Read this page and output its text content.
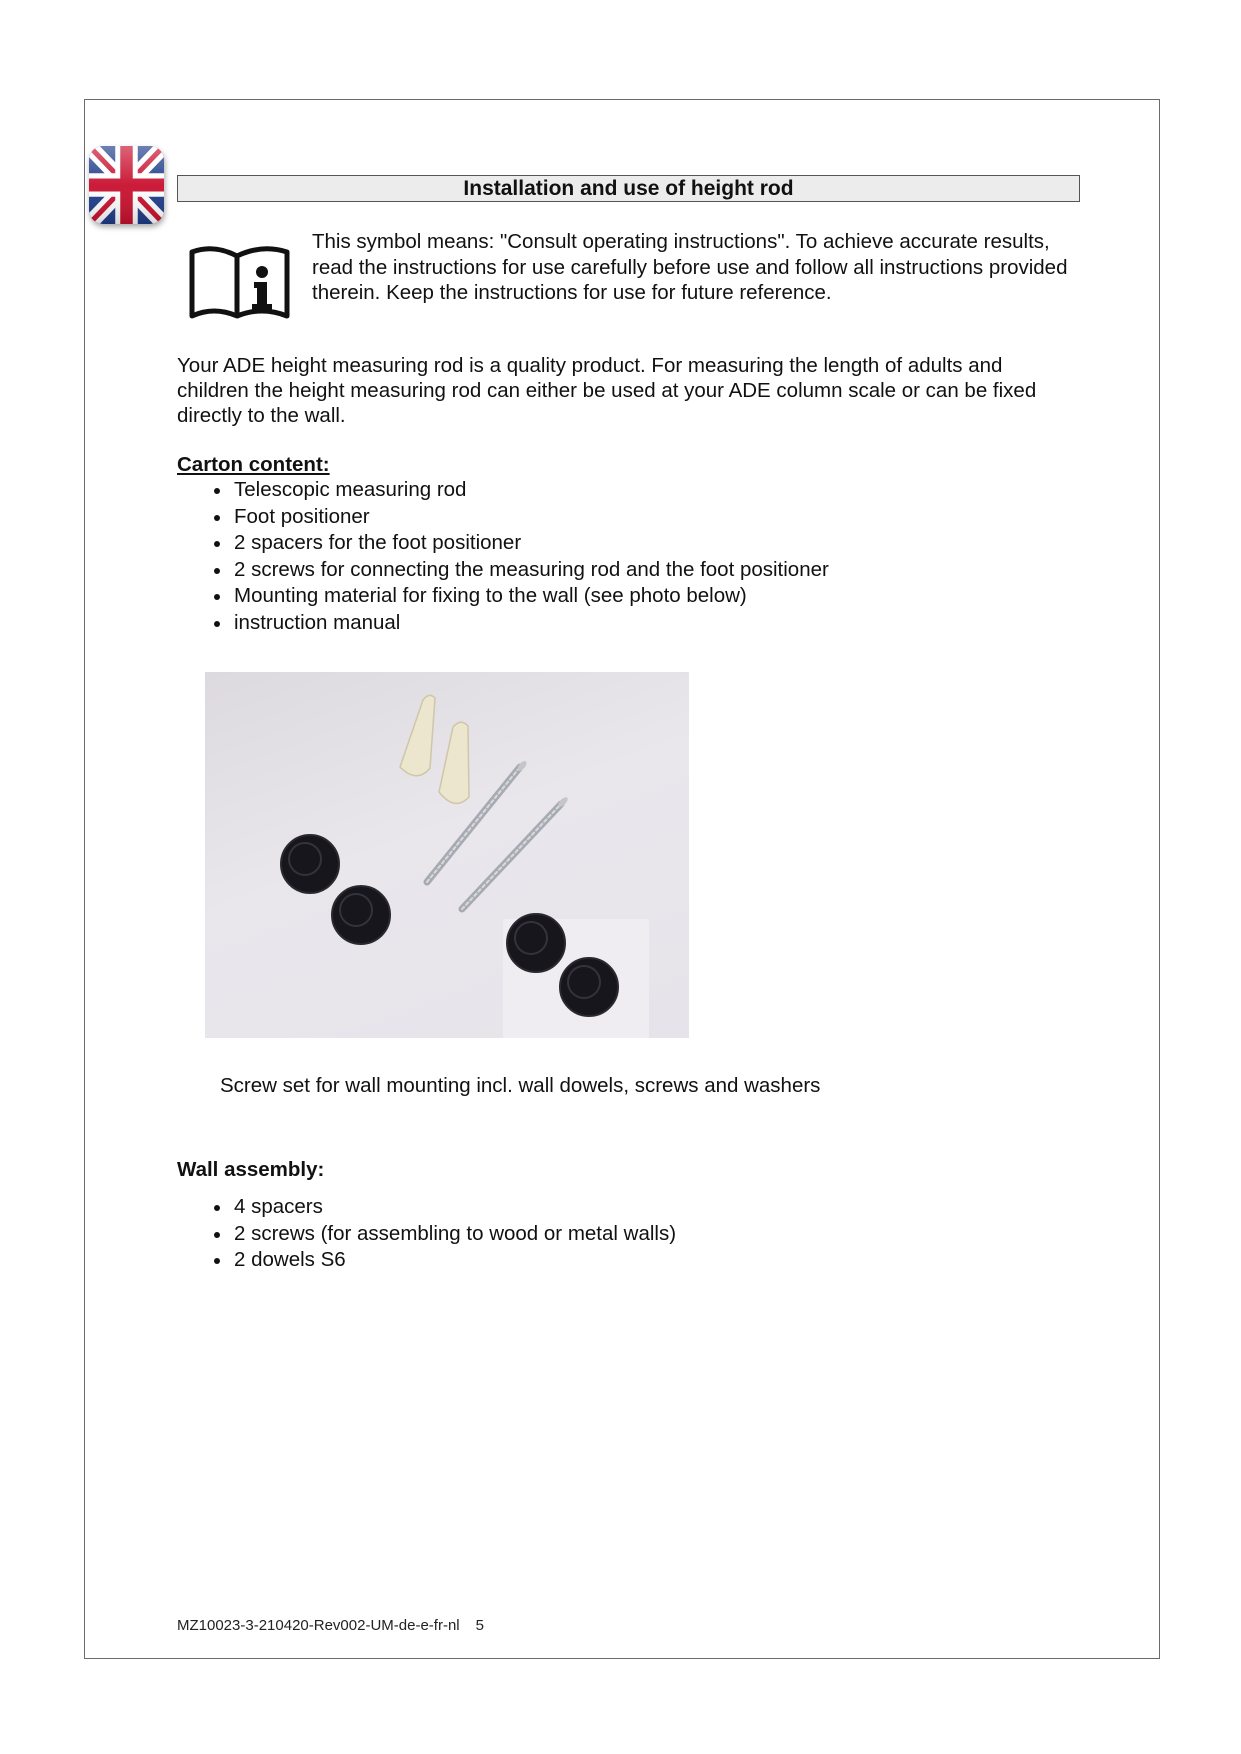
Installation and use of height rod
This symbol means: "Consult operating instructions". To achieve accurate results, read the instructions for use carefully before use and follow all instructions provided therein. Keep the instructions for use for future reference.
Your ADE height measuring rod is a quality product. For measuring the length of adults and children the height measuring rod can either be used at your ADE column scale or can be fixed directly to the wall.
Carton content:
Telescopic measuring rod
Foot positioner
2 spacers for the foot positioner
2 screws for connecting the measuring rod and the foot positioner
Mounting material for fixing to the wall (see photo below)
instruction manual
Screw set for wall mounting incl. wall dowels, screws and washers
Wall assembly:
4 spacers
2 screws (for assembling to wood or metal walls)
2 dowels S6
MZ10023-3-210420-Rev002-UM-de-e-fr-nl 5
